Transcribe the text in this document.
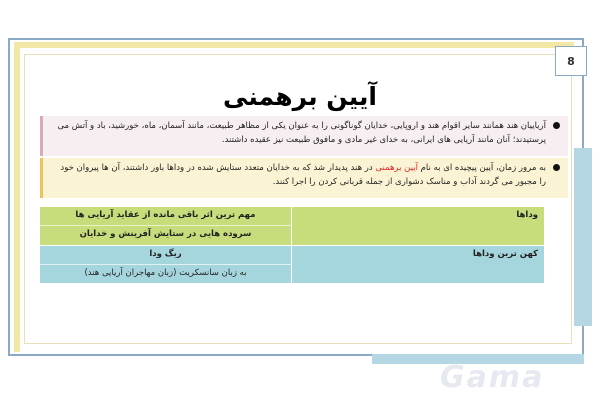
8
آیین برهمنی
آریاییان هند همانند سایر اقوام هند و اروپایی، خدایان گوناگونی را به عنوان یکی از مظاهر طبیعت، مانند آسمان، ماه، خورشید، باد و آتش می پرستیدند؛ آنان مانند آریایی های ایرانی، به خدای غیر مادی و مافوق طبیعت نیز عقیده داشتند.
به مرور زمان، آیین پیچیده ای به نام آیین برهمنی در هند پدیدار شد که به خدایان متعدد ستایش شده در وداها باور داشتند، آن ها پیروان خود را مجبور می گردند آداب و مناسک دشواری از جمله قربانی کردن را اجرا کنند.
وداها
مهم ترین اثر باقی مانده از عقاید آریایی ها
سروده هایی در ستایش آفرینش و خدایان
کهن ترین وداها
ریگ ودا
به زبان سانسکریت (زبان مهاجران آریایی هند)
Gama
